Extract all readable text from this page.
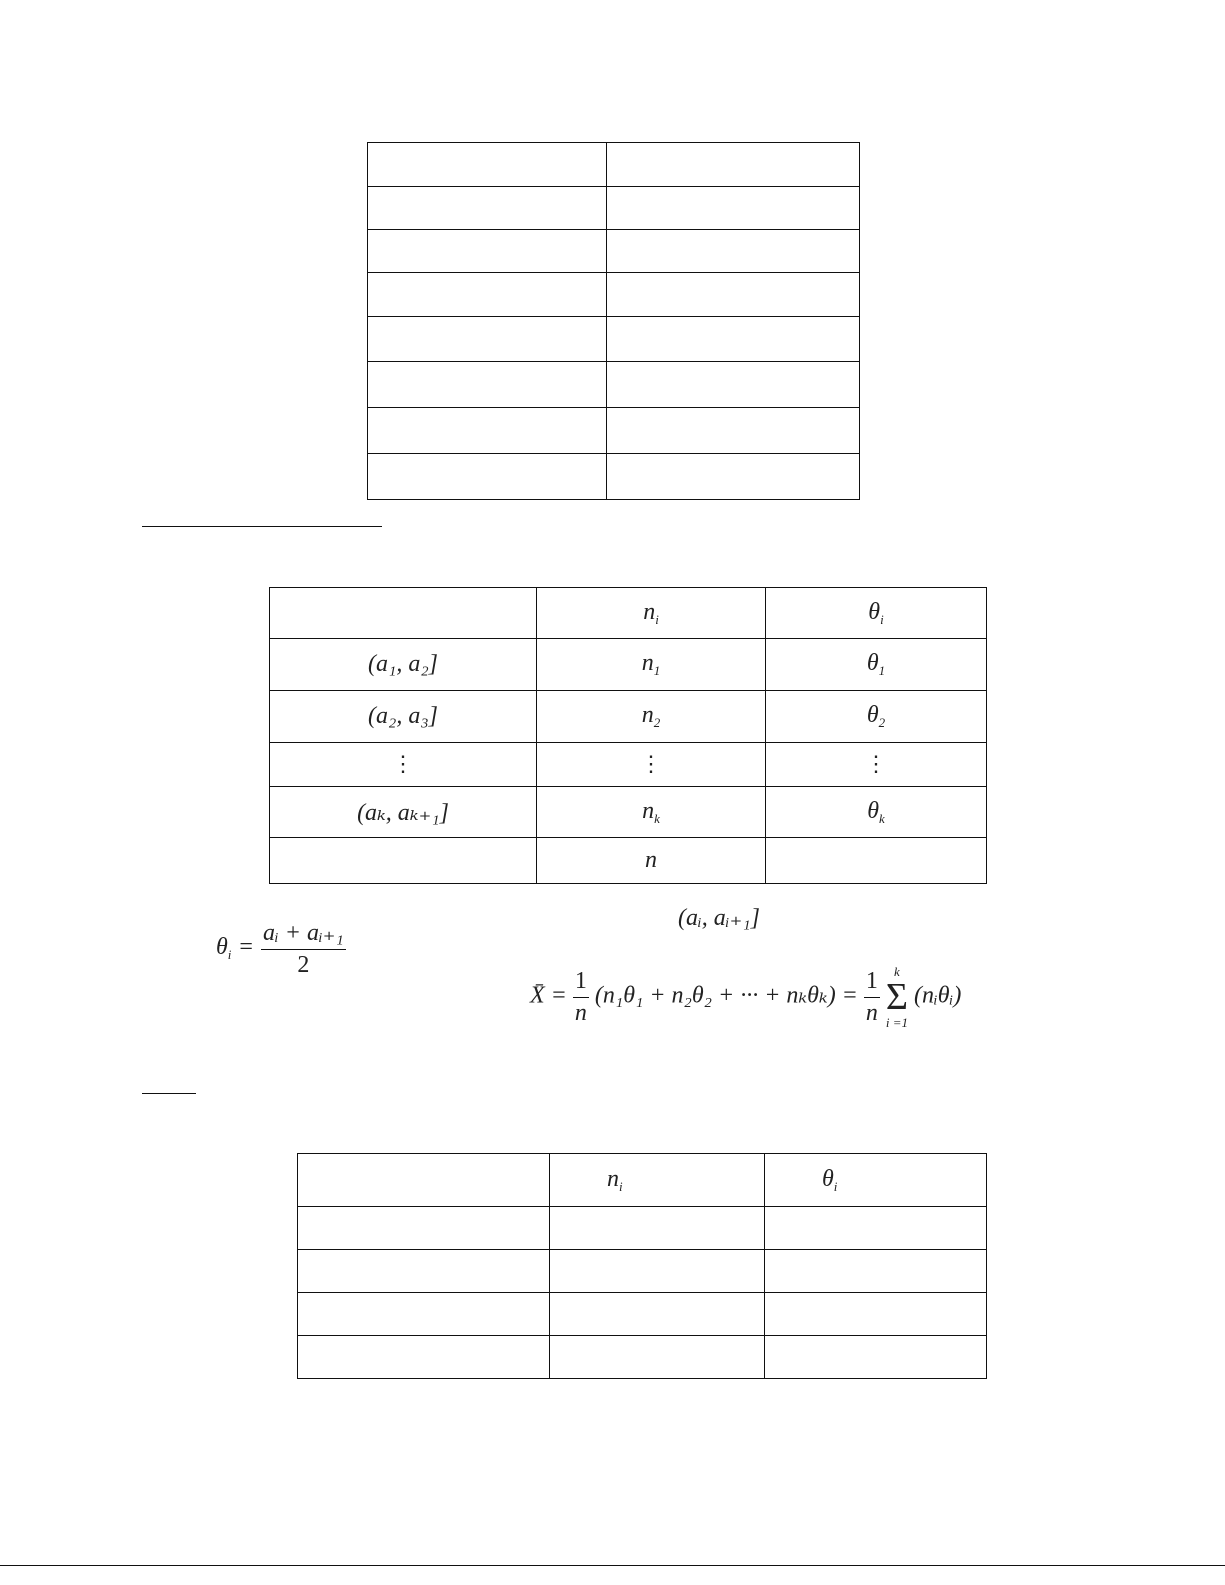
	$n_i$	$\theta_i$
(a₁, a₂]	$n_1$	$\theta_1$
(a₂, a₃]	$n_2$	$\theta_2$
⋮	⋮	⋮
(aₖ, aₖ₊₁]	$n_k$	$\theta_k$
	n	
(aᵢ, aᵢ₊₁]
$\theta_i = \frac{\text{aᵢ + aᵢ₊₁}}{2}$
X̄ = $\frac{1}{n} (n_1\theta_1 + n_2\theta_2$ + ··· + $n_k\theta_k) = \frac{1}{n}$
	k
Σ
i =1
(nᵢθᵢ)
	$n_i$	$\theta_i$
